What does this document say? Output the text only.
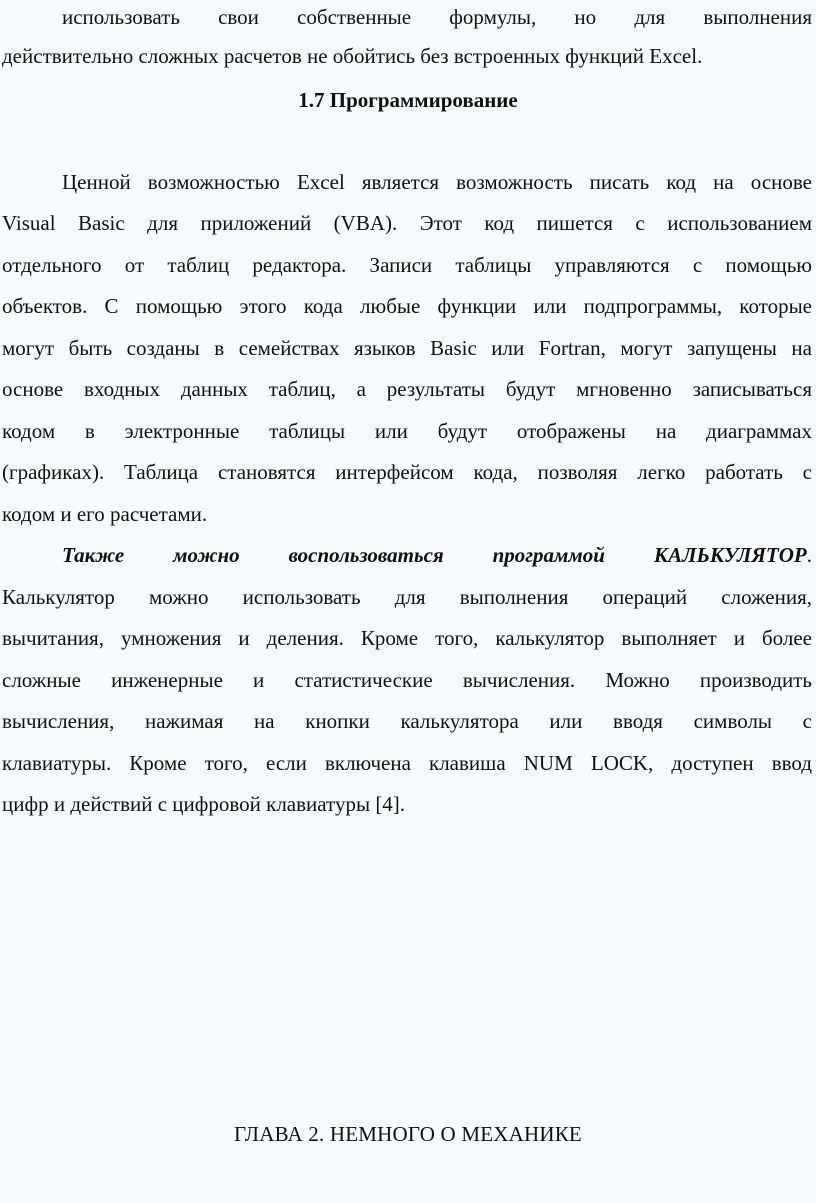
использовать свои собственные формулы, но для выполнения
действительно сложных расчетов не обойтись без встроенных функций Excel.
1.7 Программирование
Ценной возможностью Excel является возможность писать код на основе
Visual Basic для приложений (VBA). Этот код пишется с использованием
отдельного от таблиц редактора. Записи таблицы управляются с помощью
объектов. С помощью этого кода любые функции или подпрограммы, которые
могут быть созданы в семействах языков Basic или Fortran, могут запущены на
основе входных данных таблиц, а результаты будут мгновенно записываться
кодом в электронные таблицы или будут отображены на диаграммах
(графиках). Таблица становятся интерфейсом кода, позволяя легко работать с
кодом и его расчетами.
Также можно воспользоваться программой КАЛЬКУЛЯТОР.
Калькулятор можно использовать для выполнения операций сложения,
вычитания, умножения и деления. Кроме того, калькулятор выполняет и более
сложные инженерные и статистические вычисления. Можно производить
вычисления, нажимая на кнопки калькулятора или вводя символы с
клавиатуры. Кроме того, если включена клавиша NUM LOCK, доступен ввод
цифр и действий с цифровой клавиатуры [4].
ГЛАВА 2. НЕМНОГО О МЕХАНИКЕ
